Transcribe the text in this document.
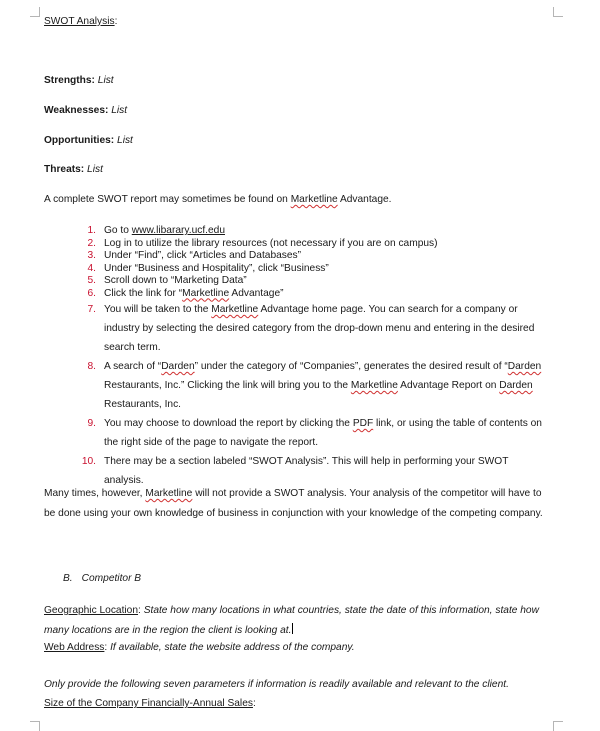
SWOT Analysis:
Strengths: List
Weaknesses: List
Opportunities: List
Threats: List
A complete SWOT report may sometimes be found on Marketline Advantage.
1. Go to www.libarary.ucf.edu
2. Log in to utilize the library resources (not necessary if you are on campus)
3. Under “Find”, click “Articles and Databases”
4. Under “Business and Hospitality”, click “Business”
5. Scroll down to “Marketing Data”
6. Click the link for “Marketline Advantage”
7. You will be taken to the Marketline Advantage home page. You can search for a company or industry by selecting the desired category from the drop-down menu and entering in the desired search term.
8. A search of “Darden” under the category of “Companies”, generates the desired result of “Darden Restaurants, Inc.” Clicking the link will bring you to the Marketline Advantage Report on Darden Restaurants, Inc.
9. You may choose to download the report by clicking the PDF link, or using the table of contents on the right side of the page to navigate the report.
10. There may be a section labeled “SWOT Analysis”. This will help in performing your SWOT analysis.
Many times, however, Marketline will not provide a SWOT analysis. Your analysis of the competitor will have to be done using your own knowledge of business in conjunction with your knowledge of the competing company.
B. Competitor B
Geographic Location: State how many locations in what countries, state the date of this information, state how many locations are in the region the client is looking at.
Web Address: If available, state the website address of the company.
Only provide the following seven parameters if information is readily available and relevant to the client.
Size of the Company Financially-Annual Sales:
